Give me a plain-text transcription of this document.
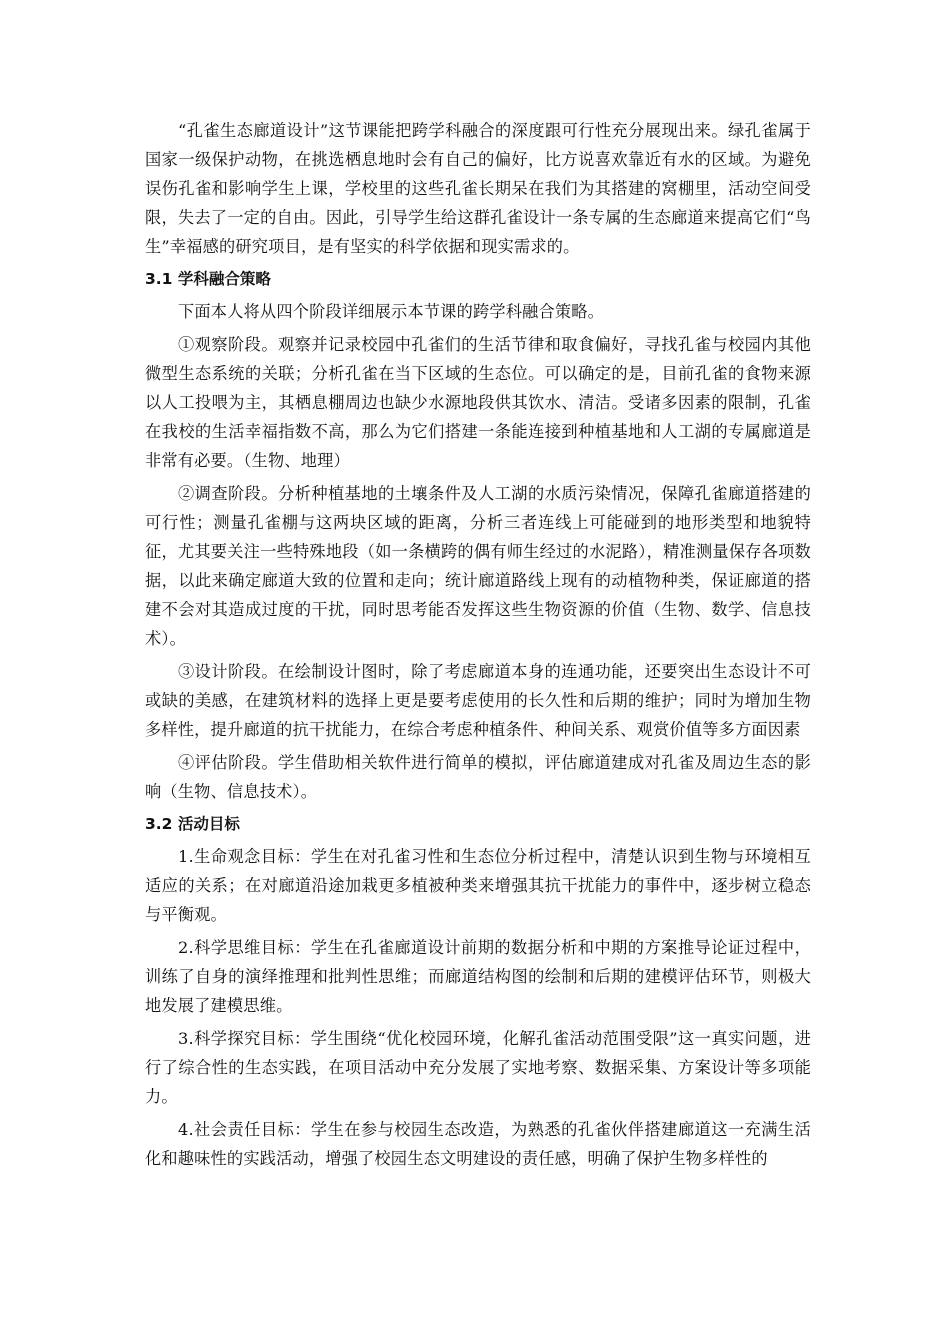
“孔雀生态廊道设计”这节课能把跨学科融合的深度跟可行性充分展现出来。绿孔雀属于国家一级保护动物，在挑选栖息地时会有自己的偏好，比方说喜欢靠近有水的区域。为避免误伤孔雀和影响学生上课，学校里的这些孔雀长期呆在我们为其搭建的窝棚里，活动空间受限，失去了一定的自由。因此，引导学生给这群孔雀设计一条专属的生态廊道来提高它们“鸟生”幸福感的研究项目，是有坚实的科学依据和现实需求的。

3.1 学科融合策略

下面本人将从四个阶段详细展示本节课的跨学科融合策略。

①观察阶段。观察并记录校园中孔雀们的生活节律和取食偏好，寻找孔雀与校园内其他微型生态系统的关联；分析孔雀在当下区域的生态位。可以确定的是，目前孔雀的食物来源以人工投喂为主，其栖息棚周边也缺少水源地段供其饮水、清洁。受诸多因素的限制，孔雀在我校的生活幸福指数不高，那么为它们搭建一条能连接到种植基地和人工湖的专属廊道是非常有必要。（生物、地理）

②调查阶段。分析种植基地的土壤条件及人工湖的水质污染情况，保障孔雀廊道搭建的可行性；测量孔雀棚与这两块区域的距离，分析三者连线上可能碰到的地形类型和地貌特征，尤其要关注一些特殊地段（如一条横跨的偶有师生经过的水泥路），精准测量保存各项数据，以此来确定廊道大致的位置和走向；统计廊道路线上现有的动植物种类，保证廊道的搭建不会对其造成过度的干扰，同时思考能否发挥这些生物资源的价值（生物、数学、信息技术）。

③设计阶段。在绘制设计图时，除了考虑廊道本身的连通功能，还要突出生态设计不可或缺的美感，在建筑材料的选择上更是要考虑使用的长久性和后期的维护；同时为增加生物多样性，提升廊道的抗干扰能力，在综合考虑种植条件、种间关系、观赏价值等多方面因素

④评估阶段。学生借助相关软件进行简单的模拟，评估廊道建成对孔雀及周边生态的影响（生物、信息技术）。

3.2 活动目标

1.生命观念目标：学生在对孔雀习性和生态位分析过程中，清楚认识到生物与环境相互适应的关系；在对廊道沿途加栽更多植被种类来增强其抗干扰能力的事件中，逐步树立稳态与平衡观。

2.科学思维目标：学生在孔雀廊道设计前期的数据分析和中期的方案推导论证过程中，训练了自身的演绎推理和批判性思维；而廊道结构图的绘制和后期的建模评估环节，则极大地发展了建模思维。

3.科学探究目标：学生围绕“优化校园环境，化解孔雀活动范围受限”这一真实问题，进行了综合性的生态实践，在项目活动中充分发展了实地考察、数据采集、方案设计等多项能力。

4.社会责任目标：学生在参与校园生态改造，为熟悉的孔雀伙伴搭建廊道这一充满生活化和趣味性的实践活动，增强了校园生态文明建设的责任感，明确了保护生物多样性的
